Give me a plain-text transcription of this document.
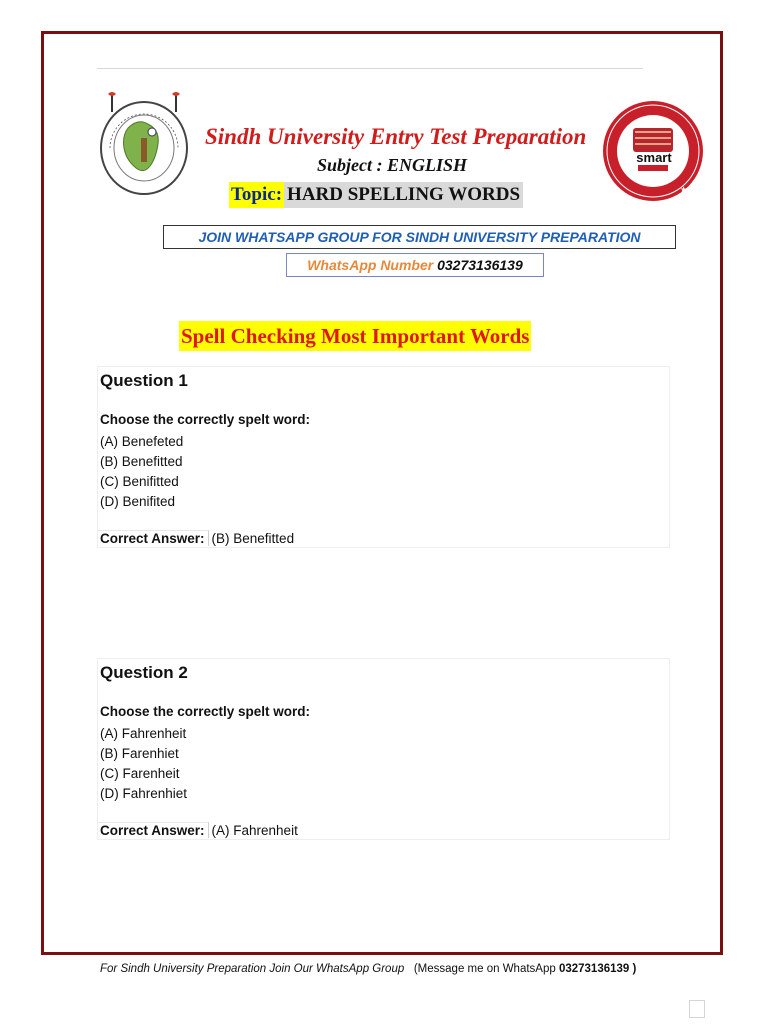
★
smart
Sindh University Entry Test Preparation
Subject : ENGLISH
Topic: HARD SPELLING WORDS
JOIN WHATSAPP GROUP FOR SINDH UNIVERSITY PREPARATION
WhatsApp Number 03273136139
Spell Checking Most Important Words
Question 1
Choose the correctly spelt word:
(A) Benefeted
(B) Benefitted
(C) Benifitted
(D) Benifited
Correct Answer: (B) Benefitted
Question 2
Choose the correctly spelt word:
(A) Fahrenheit
(B) Farenhiet
(C) Farenheit
(D) Fahrenhiet
Correct Answer: (A) Fahrenheit
For Sindh University Preparation Join Our WhatsApp Group (Message me on WhatsApp 03273136139 )
